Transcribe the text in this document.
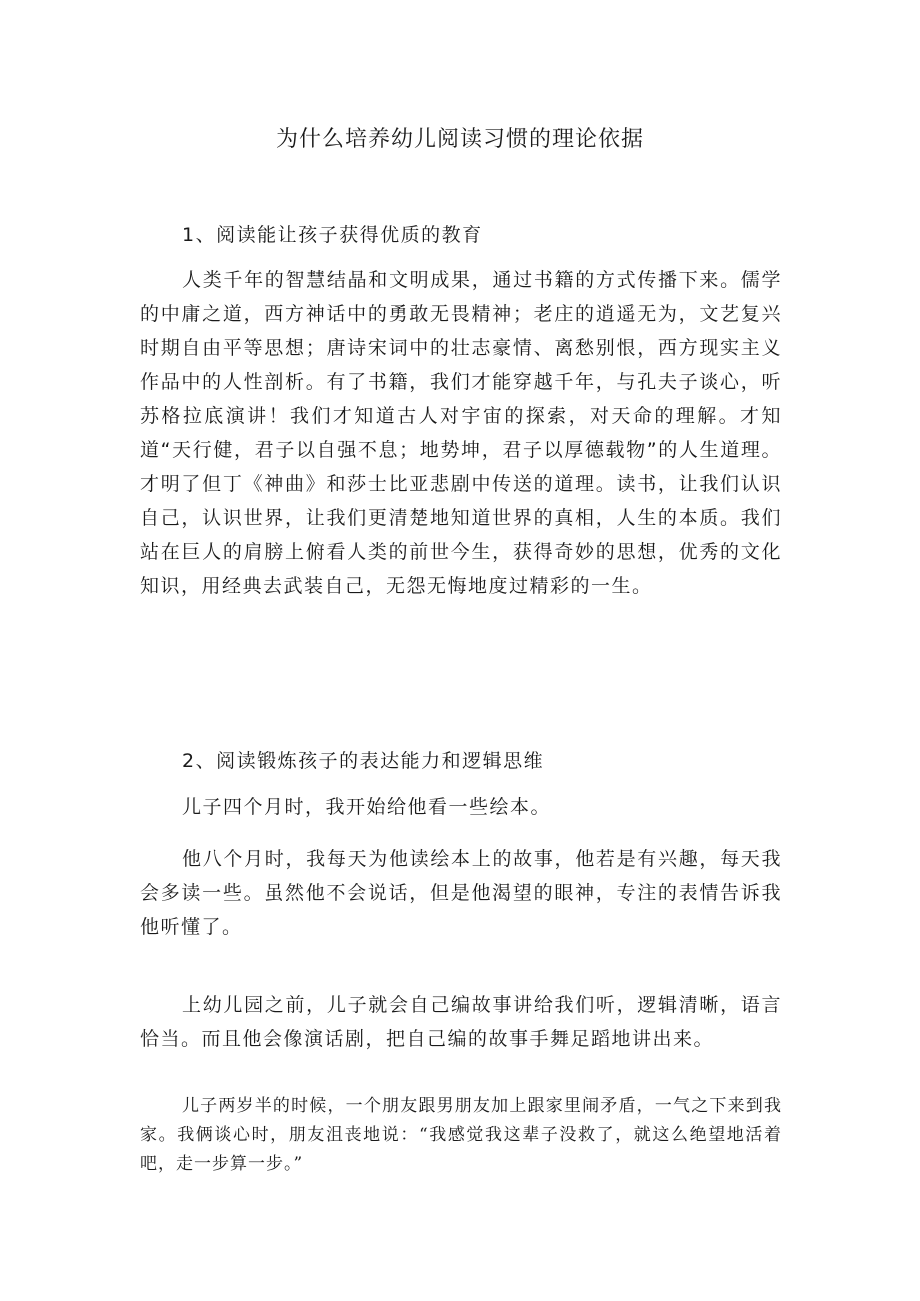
为什么培养幼儿阅读习惯的理论依据

1、阅读能让孩子获得优质的教育

人类千年的智慧结晶和文明成果，通过书籍的方式传播下来。儒学的中庸之道，西方神话中的勇敢无畏精神；老庄的逍遥无为，文艺复兴时期自由平等思想；唐诗宋词中的壮志豪情、离愁别恨，西方现实主义作品中的人性剖析。有了书籍，我们才能穿越千年，与孔夫子谈心，听苏格拉底演讲！我们才知道古人对宇宙的探索，对天命的理解。才知道“天行健，君子以自强不息；地势坤，君子以厚德载物”的人生道理。才明了但丁《神曲》和莎士比亚悲剧中传送的道理。读书，让我们认识自己，认识世界，让我们更清楚地知道世界的真相，人生的本质。我们站在巨人的肩膀上俯看人类的前世今生，获得奇妙的思想，优秀的文化知识，用经典去武装自己，无怨无悔地度过精彩的一生。

2、阅读锻炼孩子的表达能力和逻辑思维

儿子四个月时，我开始给他看一些绘本。

他八个月时，我每天为他读绘本上的故事，他若是有兴趣，每天我会多读一些。虽然他不会说话，但是他渴望的眼神，专注的表情告诉我他听懂了。

上幼儿园之前，儿子就会自己编故事讲给我们听，逻辑清晰，语言恰当。而且他会像演话剧，把自己编的故事手舞足蹈地讲出来。

儿子两岁半的时候，一个朋友跟男朋友加上跟家里闹矛盾，一气之下来到我家。我俩谈心时，朋友沮丧地说：“我感觉我这辈子没救了，就这么绝望地活着吧，走一步算一步。”
